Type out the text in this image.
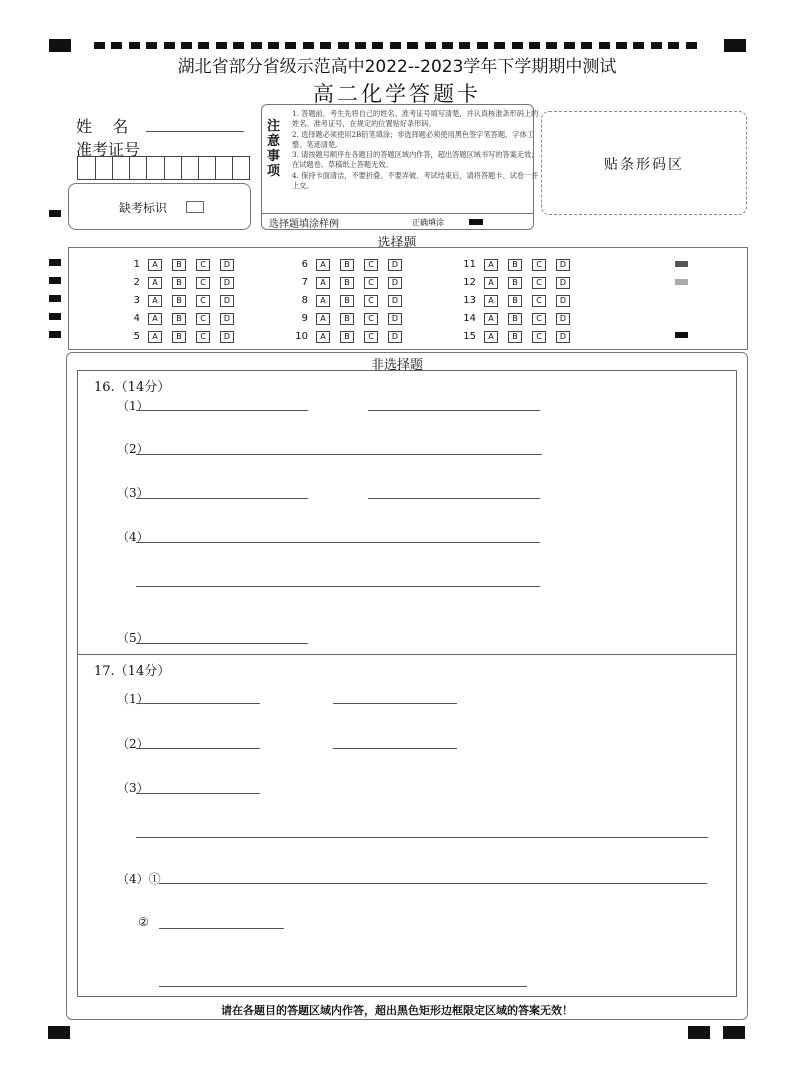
湖北省部分省级示范高中2022--2023学年下学期期中测试
高二化学答题卡
姓    名
准考证号
缺考标识
注意事项
1. 答题前，考生先将自己的姓名、准考证号填写清楚，并认真核准条形码上的姓名、准考证号，在规定的位置贴好条形码。
2. 选择题必须使用2B铅笔填涂；非选择题必须使用黑色签字笔答题，字体工整、笔迹清楚。
3. 请按题号顺序在各题目的答题区域内作答，超出答题区域书写的答案无效；在试题卷、草稿纸上答题无效。
4. 保持卡面清洁，不要折叠、不要弄破、考试结束后，请将答题卡、试卷一并上交。
选择题填涂样例	正确填涂
贴条形码区
选择题
1	A	B	C	D
2	A	B	C	D
3	A	B	C	D
4	A	B	C	D
5	A	B	C	D
6	A	B	C	D
7	A	B	C	D
8	A	B	C	D
9	A	B	C	D
10	A	B	C	D
11	A	B	C	D
12	A	B	C	D
13	A	B	C	D
14	A	B	C	D
15	A	B	C	D
非选择题
16.（14分）
（1）
（2）
（3）
（4）
（5）
17.（14分）
（1）
（2）
（3）
（4）①
②
请在各题目的答题区域内作答，超出黑色矩形边框限定区域的答案无效！
